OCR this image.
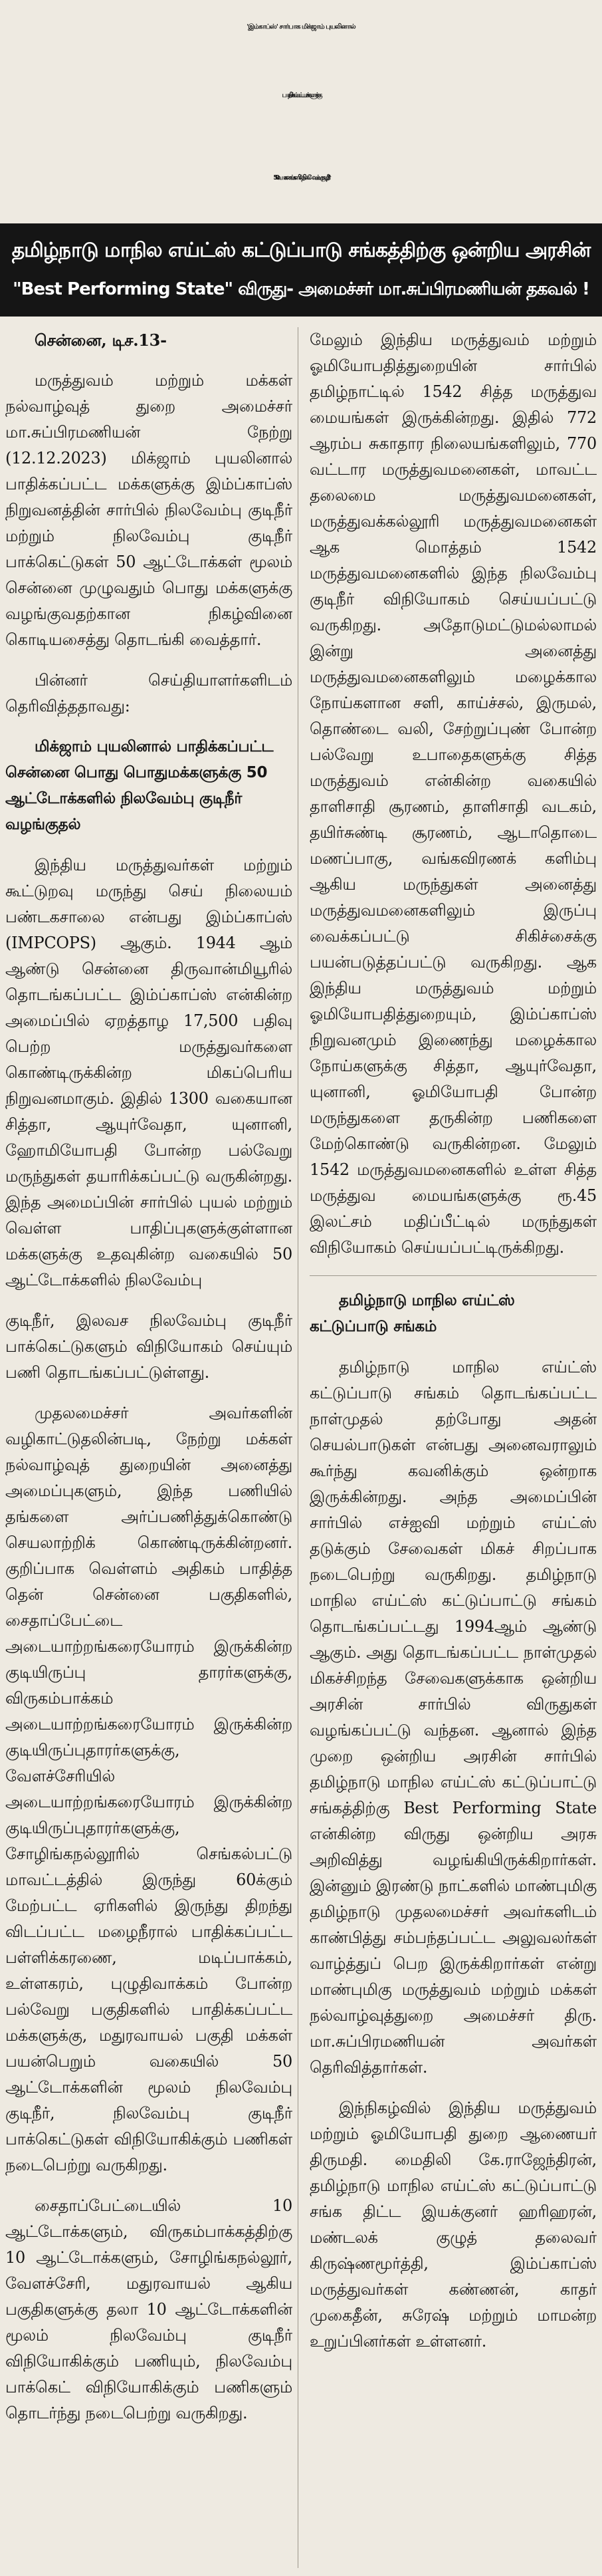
'இம்காப்ஸ்' சார்பாக மிக்ஜாம் புயலினால்
பாதிக்கப்பட்ட மக்களுக்கு
50 வாகனங்களில் நிலவேம்பு குடிநீர்!
தமிழ்நாடு மாநில எய்ட்ஸ் கட்டுப்பாடு சங்கத்திற்கு ஒன்றிய அரசின்
"Best Performing State" விருது- அமைச்சர் மா.சுப்பிரமணியன் தகவல் !

சென்னை, டிச.13-

மருத்துவம் மற்றும் மக்கள் நல்வாழ்வுத் துறை அமைச்சர் மா.சுப்பிரமணியன் நேற்று (12.12.2023) மிக்ஜாம் புயலினால் பாதிக்கப்பட்ட மக்களுக்கு இம்ப்காப்ஸ் நிறுவனத்தின் சார்பில் நிலவேம்பு குடிநீர் மற்றும் நிலவேம்பு குடிநீர் பாக்கெட்டுகள் 50 ஆட்டோக்கள் மூலம் சென்னை முழுவதும் பொது மக்களுக்கு வழங்குவதற்கான நிகழ்வினை கொடியசைத்து தொடங்கி வைத்தார்.

பின்னர் செய்தியாளர்களிடம் தெரிவித்ததாவது:

மிக்ஜாம் புயலினால் பாதிக்கப்பட்ட சென்னை பொது பொதுமக்களுக்கு 50 ஆட்டோக்களில் நிலவேம்பு குடிநீர் வழங்குதல்

இந்திய மருத்துவர்கள் மற்றும் கூட்டுறவு மருந்து செய் நிலையம் பண்டகசாலை என்பது இம்ப்காப்ஸ் (IMPCOPS) ஆகும். 1944 ஆம் ஆண்டு சென்னை திருவான்மியூரில் தொடங்கப்பட்ட இம்ப்காப்ஸ் என்கின்ற அமைப்பில் ஏறத்தாழ 17,500 பதிவு பெற்ற மருத்துவர்களை கொண்டிருக்கின்ற மிகப்பெரிய நிறுவனமாகும். இதில் 1300 வகையான சித்தா, ஆயுர்வேதா, யுனானி, ஹோமியோபதி போன்ற பல்வேறு மருந்துகள் தயாரிக்கப்பட்டு வருகின்றது. இந்த அமைப்பின் சார்பில் புயல் மற்றும் வெள்ள பாதிப்புகளுக்குள்ளான மக்களுக்கு உதவுகின்ற வகையில் 50 ஆட்டோக்களில் நிலவேம்பு

குடிநீர், இலவச நிலவேம்பு குடிநீர் பாக்கெட்டுகளும் விநியோகம் செய்யும் பணி தொடங்கப்பட்டுள்ளது.

முதலமைச்சர் அவர்களின் வழிகாட்டுதலின்படி, நேற்று மக்கள் நல்வாழ்வுத் துறையின் அனைத்து அமைப்புகளும், இந்த பணியில் தங்களை அர்ப்பணித்துக்கொண்டு செயலாற்றிக் கொண்டிருக்கின்றனர். குறிப்பாக வெள்ளம் அதிகம் பாதித்த தென் சென்னை பகுதிகளில், சைதாப்பேட்டை அடையாற்றங்கரையோரம் இருக்கின்ற குடியிருப்பு தாரர்களுக்கு, விருகம்பாக்கம் அடையாற்றங்கரையோரம் இருக்கின்ற குடியிருப்புதாரர்களுக்கு, வேளச்சேரியில் அடையாற்றங்கரையோரம் இருக்கின்ற குடியிருப்புதாரர்களுக்கு, சோழிங்கநல்லூரில் செங்கல்பட்டு மாவட்டத்தில் இருந்து 60க்கும் மேற்பட்ட ஏரிகளில் இருந்து திறந்து விடப்பட்ட மழைநீரால் பாதிக்கப்பட்ட பள்ளிக்கரணை, மடிப்பாக்கம், உள்ளகரம், புழுதிவாக்கம் போன்ற பல்வேறு பகுதிகளில் பாதிக்கப்பட்ட மக்களுக்கு, மதுரவாயல் பகுதி மக்கள் பயன்பெறும் வகையில் 50 ஆட்டோக்களின் மூலம் நிலவேம்பு குடிநீர், நிலவேம்பு குடிநீர் பாக்கெட்டுகள் விநியோகிக்கும் பணிகள் நடைபெற்று வருகிறது.

சைதாப்பேட்டையில் 10 ஆட்டோக்களும், விருகம்பாக்கத்திற்கு 10 ஆட்டோக்களும், சோழிங்கநல்லூர், வேளச்சேரி, மதுரவாயல் ஆகிய பகுதிகளுக்கு தலா 10 ஆட்டோக்களின் மூலம் நிலவேம்பு குடிநீர் விநியோகிக்கும் பணியும், நிலவேம்பு பாக்கெட் விநியோகிக்கும் பணிகளும் தொடர்ந்து நடைபெற்று வருகிறது.

மேலும் இந்திய மருத்துவம் மற்றும் ஓமியோபதித்துறையின் சார்பில் தமிழ்நாட்டில் 1542 சித்த மருத்துவ மையங்கள் இருக்கின்றது. இதில் 772 ஆரம்ப சுகாதார நிலையங்களிலும், 770 வட்டார மருத்துவமனைகள், மாவட்ட தலைமை மருத்துவமனைகள், மருத்துவக்கல்லூரி மருத்துவமனைகள் ஆக மொத்தம் 1542 மருத்துவமனைகளில் இந்த நிலவேம்பு குடிநீர் விநியோகம் செய்யப்பட்டு வருகிறது. அதோடுமட்டுமல்லாமல் இன்று அனைத்து மருத்துவமனைகளிலும் மழைக்கால நோய்களான சளி, காய்ச்சல், இருமல், தொண்டை வலி, சேற்றுப்புண் போன்ற பல்வேறு உபாதைகளுக்கு சித்த மருத்துவம் என்கின்ற வகையில் தாளிசாதி சூரணம், தாளிசாதி வடகம், தயிர்சுண்டி சூரணம், ஆடாதொடை மணப்பாகு, வங்கவிரணக் களிம்பு ஆகிய மருந்துகள் அனைத்து மருத்துவமனைகளிலும் இருப்பு வைக்கப்பட்டு சிகிச்சைக்கு பயன்படுத்தப்பட்டு வருகிறது. ஆக இந்திய மருத்துவம் மற்றும் ஓமியோபதித்துறையும், இம்ப்காப்ஸ் நிறுவனமும் இணைந்து மழைக்கால நோய்களுக்கு சித்தா, ஆயுர்வேதா, யுனானி, ஓமியோபதி போன்ற மருந்துகளை தருகின்ற பணிகளை மேற்கொண்டு வருகின்றன. மேலும் 1542 மருத்துவமனைகளில் உள்ள சித்த மருத்துவ மையங்களுக்கு ரூ.45 இலட்சம் மதிப்பீட்டில் மருந்துகள் விநியோகம் செய்யப்பட்டிருக்கிறது.

தமிழ்நாடு மாநில எய்ட்ஸ் கட்டுப்பாடு சங்கம்

தமிழ்நாடு மாநில எய்ட்ஸ் கட்டுப்பாடு சங்கம் தொடங்கப்பட்ட நாள்முதல் தற்போது அதன் செயல்பாடுகள் என்பது அனைவராலும் கூர்ந்து கவனிக்கும் ஒன்றாக இருக்கின்றது. அந்த அமைப்பின் சார்பில் எச்ஐவி மற்றும் எய்ட்ஸ் தடுக்கும் சேவைகள் மிகச் சிறப்பாக நடைபெற்று வருகிறது. தமிழ்நாடு மாநில எய்ட்ஸ் கட்டுப்பாட்டு சங்கம் தொடங்கப்பட்டது 1994ஆம் ஆண்டு ஆகும். அது தொடங்கப்பட்ட நாள்முதல் மிகச்சிறந்த சேவைகளுக்காக ஒன்றிய அரசின் சார்பில் விருதுகள் வழங்கப்பட்டு வந்தன. ஆனால் இந்த முறை ஒன்றிய அரசின் சார்பில் தமிழ்நாடு மாநில எய்ட்ஸ் கட்டுப்பாட்டு சங்கத்திற்கு Best Performing State என்கின்ற விருது ஒன்றிய அரசு அறிவித்து வழங்கியிருக்கிறார்கள். இன்னும் இரண்டு நாட்களில் மாண்புமிகு தமிழ்நாடு முதலமைச்சர் அவர்களிடம் காண்பித்து சம்பந்தப்பட்ட அலுவலர்கள் வாழ்த்துப் பெற இருக்கிறார்கள் என்று மாண்புமிகு மருத்துவம் மற்றும் மக்கள் நல்வாழ்வுத்துறை அமைச்சர் திரு. மா.சுப்பிரமணியன் அவர்கள் தெரிவித்தார்கள்.

இந்நிகழ்வில் இந்திய மருத்துவம் மற்றும் ஓமியோபதி துறை ஆணையர் திருமதி. மைதிலி கே.ராஜேந்திரன், தமிழ்நாடு மாநில எய்ட்ஸ் கட்டுப்பாட்டு சங்க திட்ட இயக்குனர் ஹரிஹரன், மண்டலக் குழுத் தலைவர் கிருஷ்ணமூர்த்தி, இம்ப்காப்ஸ் மருத்துவர்கள் கண்ணன், காதர் முகைதீன், சுரேஷ் மற்றும் மாமன்ற உறுப்பினர்கள் உள்ளனர்.
